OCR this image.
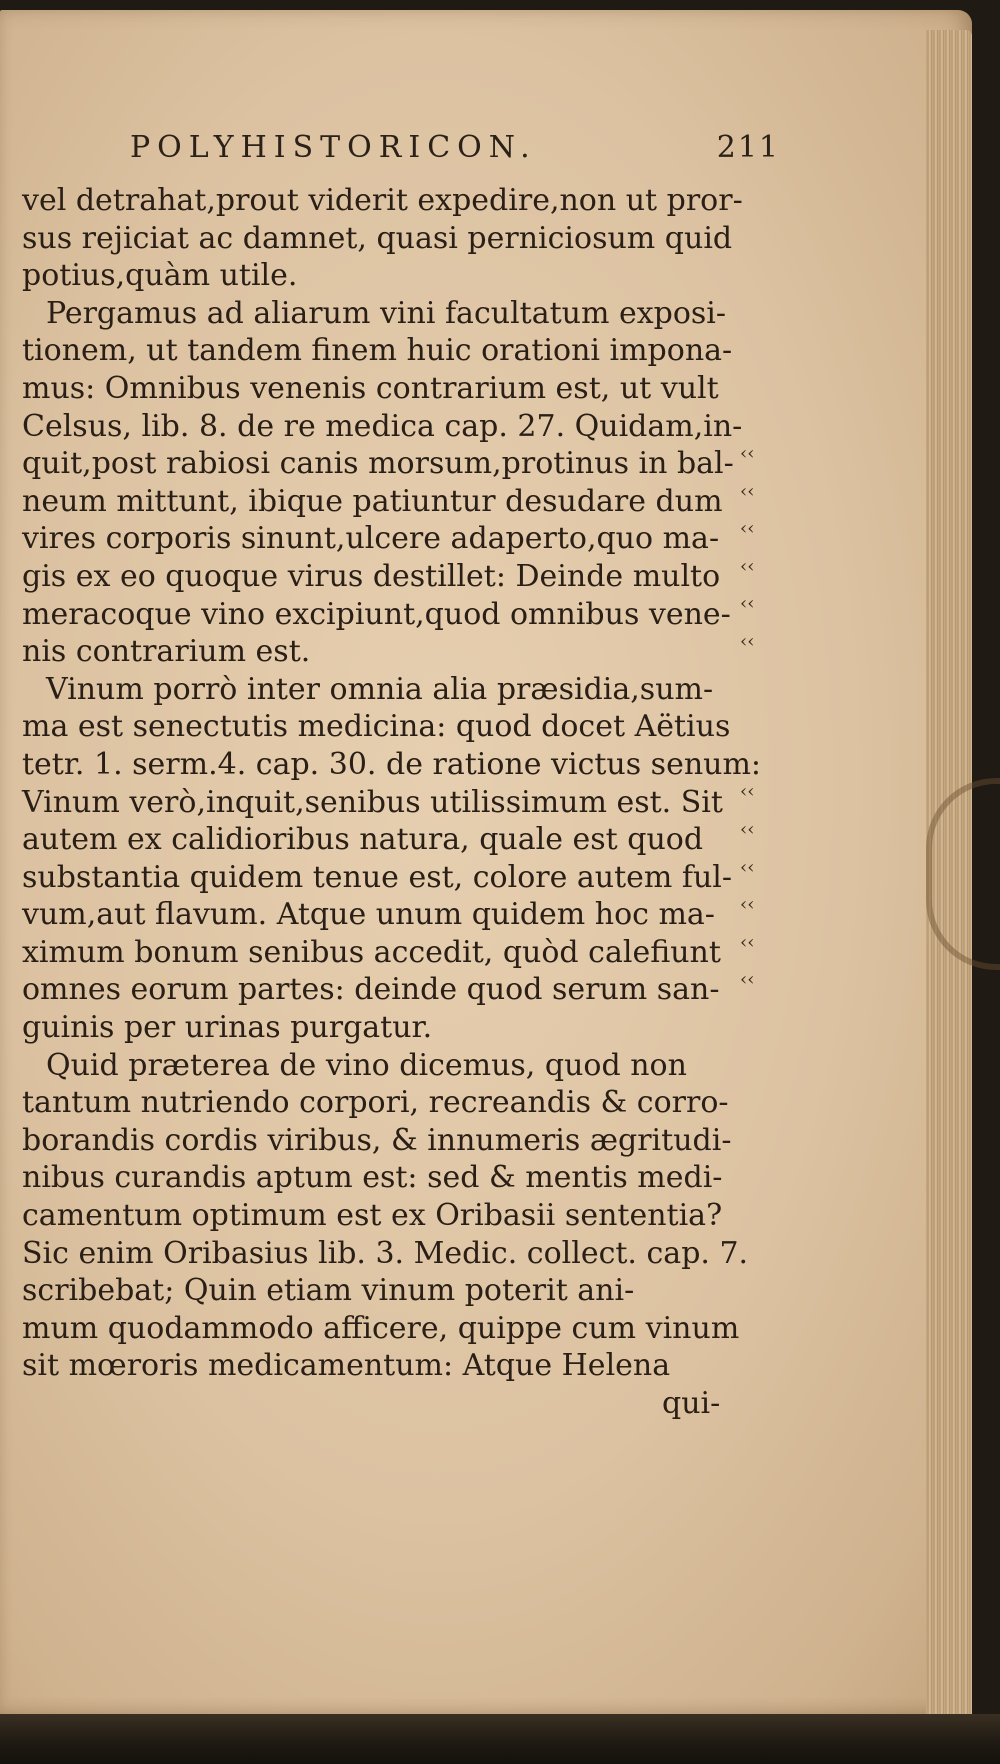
POLYHISTORICON.	211
vel detrahat,prout viderit expedire,non ut pror-
sus rejiciat ac damnet, quasi perniciosum quid
potius,quàm utile.
Pergamus ad aliarum vini facultatum exposi-
tionem, ut tandem finem huic orationi impona-
mus: Omnibus venenis contrarium est, ut vult
Celsus, lib. 8. de re medica cap. 27. Quidam,in-
quit,post rabiosi canis morsum,protinus in bal-
neum mittunt, ibique patiuntur desudare dum
vires corporis sinunt,ulcere adaperto,quo ma-
gis ex eo quoque virus destillet: Deinde multo
meracoque vino excipiunt,quod omnibus vene-
nis contrarium est.
Vinum porrò inter omnia alia præsidia,sum-
ma est senectutis medicina: quod docet Aëtius
tetr. 1. serm.4. cap. 30. de ratione victus senum:
Vinum verò,inquit,senibus utilissimum est. Sit
autem ex calidioribus natura, quale est quod
substantia quidem tenue est, colore autem ful-
vum,aut flavum. Atque unum quidem hoc ma-
ximum bonum senibus accedit, quòd calefiunt
omnes eorum partes: deinde quod serum san-
guinis per urinas purgatur.
Quid præterea de vino dicemus, quod non
tantum nutriendo corpori, recreandis & corro-
borandis cordis viribus, & innumeris ægritudi-
nibus curandis aptum est: sed & mentis medi-
camentum optimum est ex Oribasii sententia?
Sic enim Oribasius lib. 3. Medic. collect. cap. 7.
scribebat; Quin etiam vinum poterit ani-
mum quodammodo afficere, quippe cum vinum
sit mœroris medicamentum: Atque Helena
qui-
‹‹
‹‹
‹‹
‹‹
‹‹
‹‹
‹‹
‹‹
‹‹
‹‹
‹‹
‹‹
